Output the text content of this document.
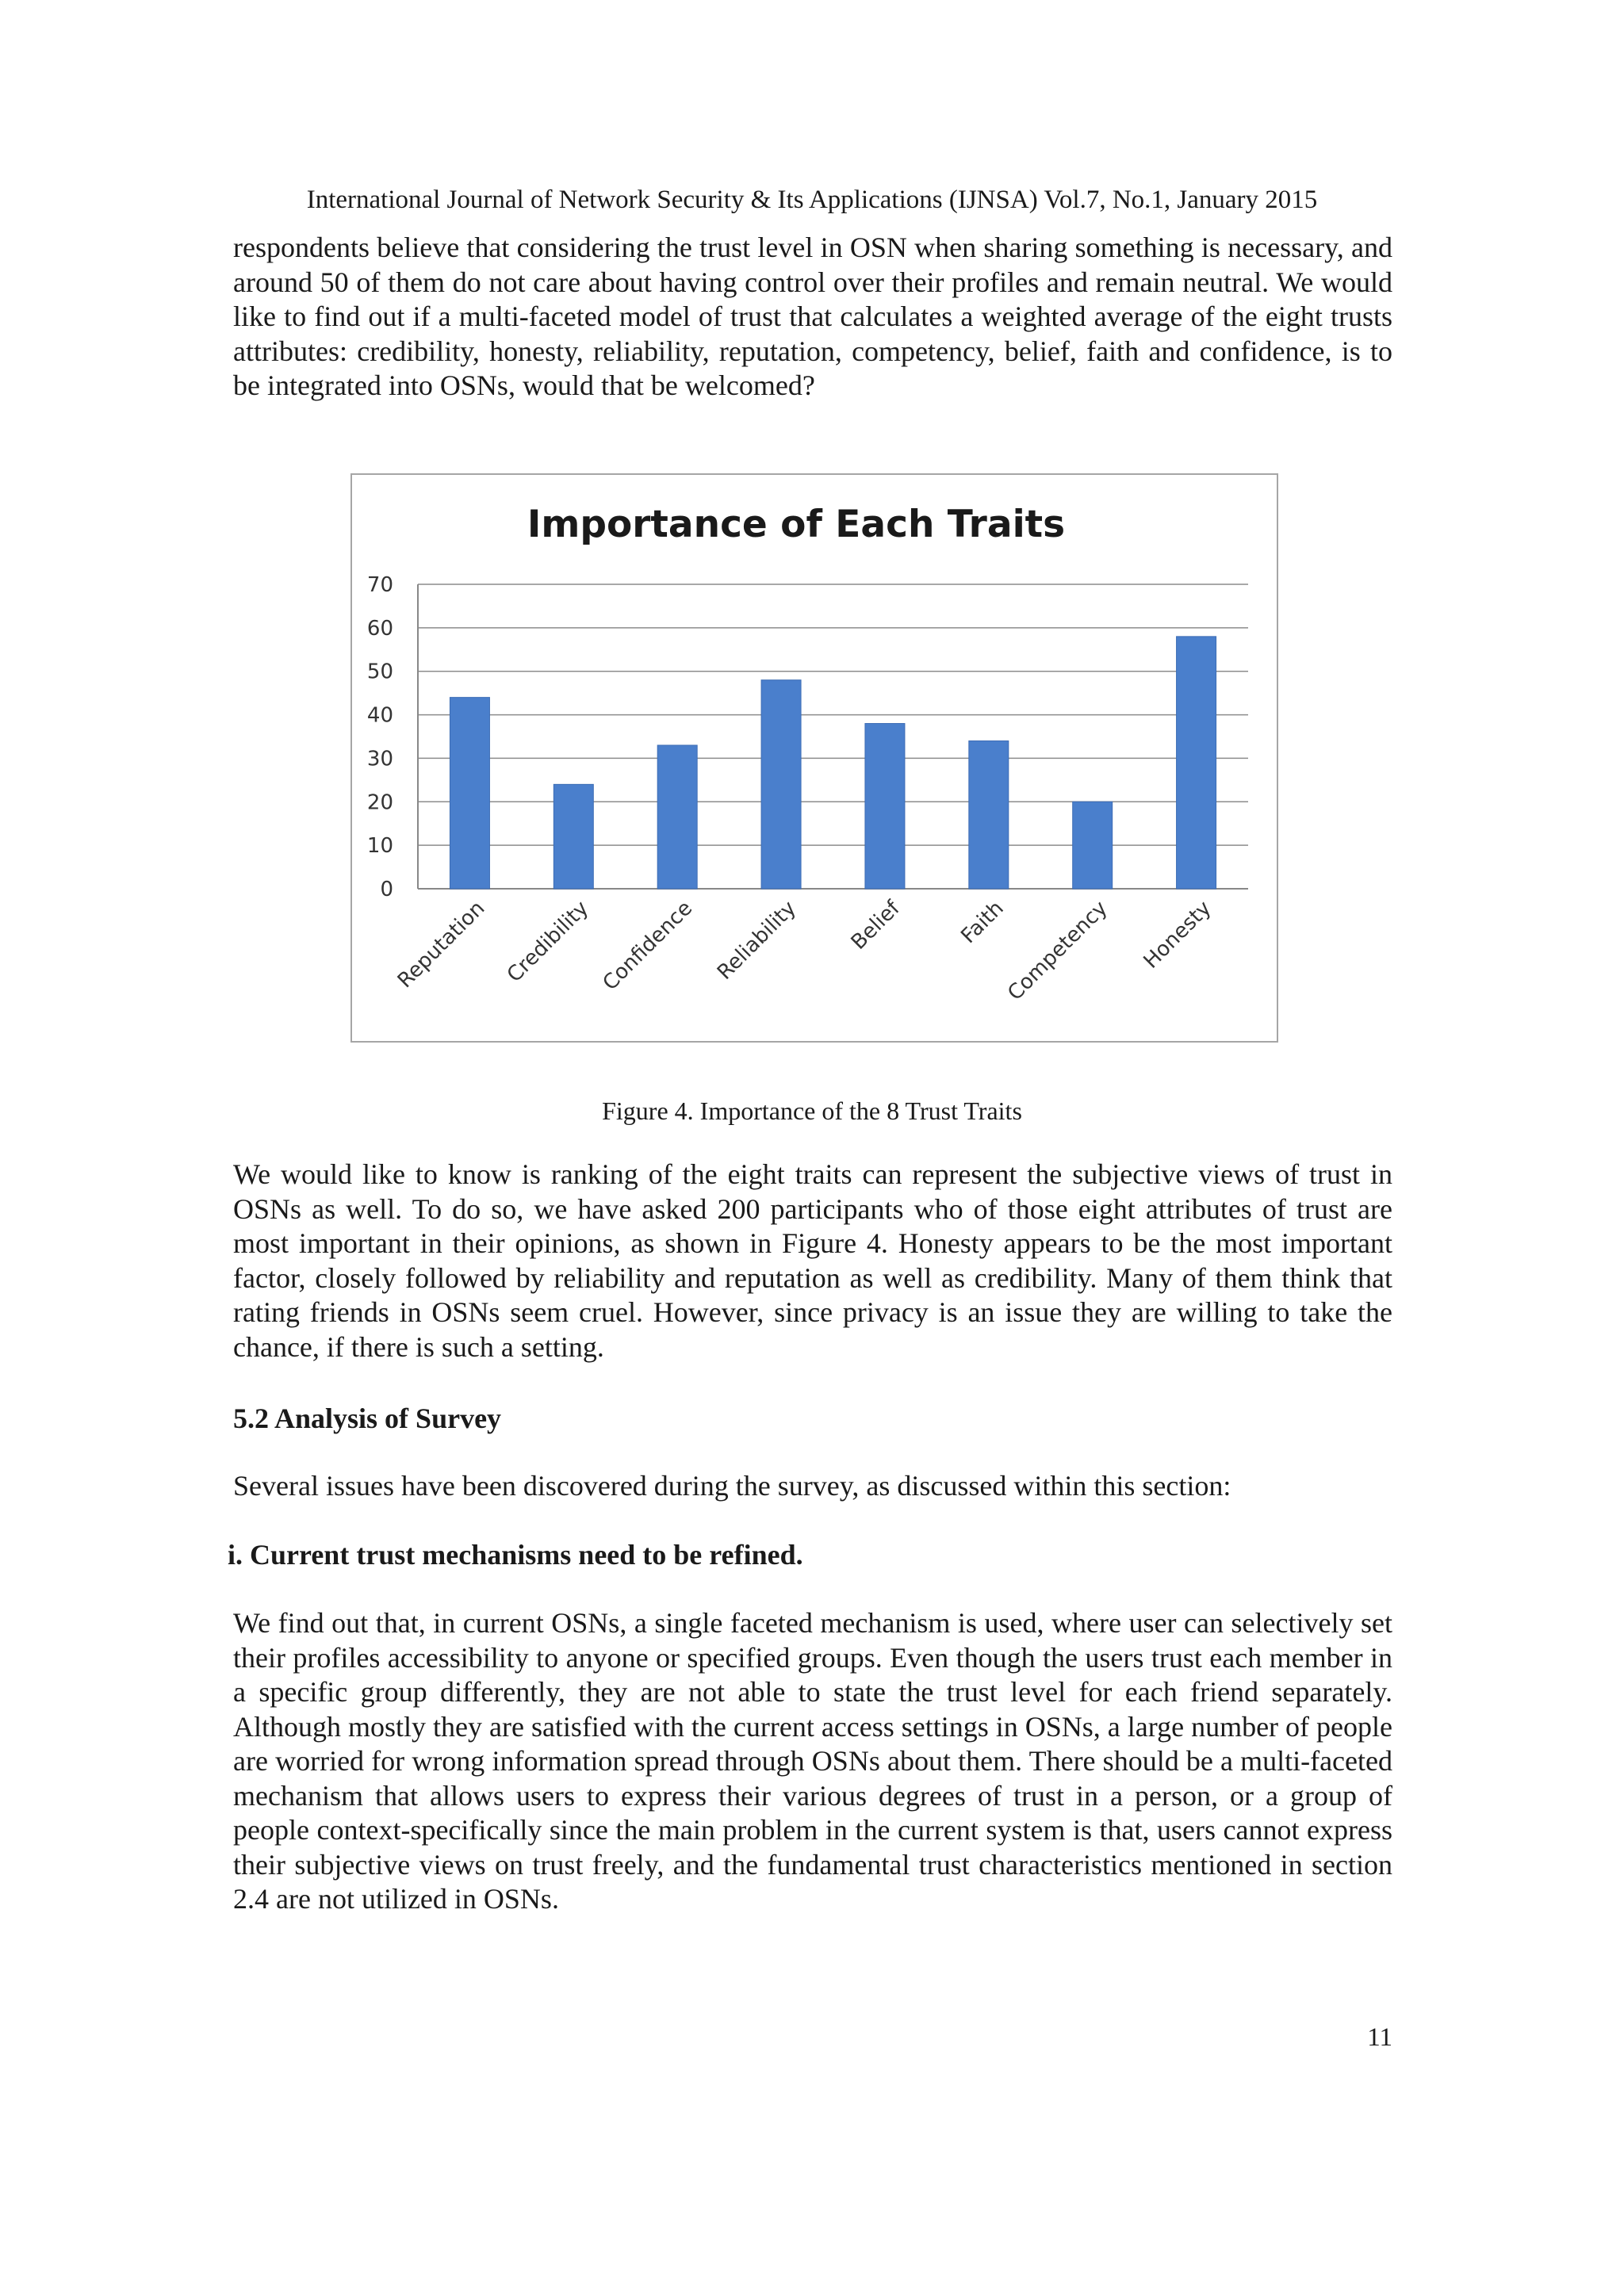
International Journal of Network Security & Its Applications (IJNSA) Vol.7, No.1, January 2015

respondents believe that considering the trust level in OSN when sharing something is necessary, and around 50 of them do not care about having control over their profiles and remain neutral. We would like to find out if a multi-faceted model of trust that calculates a weighted average of the eight trusts attributes: credibility, honesty, reliability, reputation, competency, belief, faith and confidence, is to be integrated into OSNs, would that be welcomed?

Importance of Each Traits
0
10
20
30
40
50
60
70
Reputation Credibility Confidence Reliability Belief	Faith
Competency Honesty
Figure 4. Importance of the 8 Trust Traits

We would like to know is ranking of the eight traits can represent the subjective views of trust in OSNs as well. To do so, we have asked 200 participants who of those eight attributes of trust are most important in their opinions, as shown in Figure 4. Honesty appears to be the most important factor, closely followed by reliability and reputation as well as credibility. Many of them think that rating friends in OSNs seem cruel. However, since privacy is an issue they are willing to take the chance, if there is such a setting.

5.2 Analysis of Survey

Several issues have been discovered during the survey, as discussed within this section:

i. Current trust mechanisms need to be refined.

We find out that, in current OSNs, a single faceted mechanism is used, where user can selectively set their profiles accessibility to anyone or specified groups. Even though the users trust each member in a specific group differently, they are not able to state the trust level for each friend separately. Although mostly they are satisfied with the current access settings in OSNs, a large number of people are worried for wrong information spread through OSNs about them. There should be a multi-faceted mechanism that allows users to express their various degrees of trust in a person, or a group of people context-specifically since the main problem in the current system is that, users cannot express their subjective views on trust freely, and the fundamental trust characteristics mentioned in section 2.4 are not utilized in OSNs.

11
